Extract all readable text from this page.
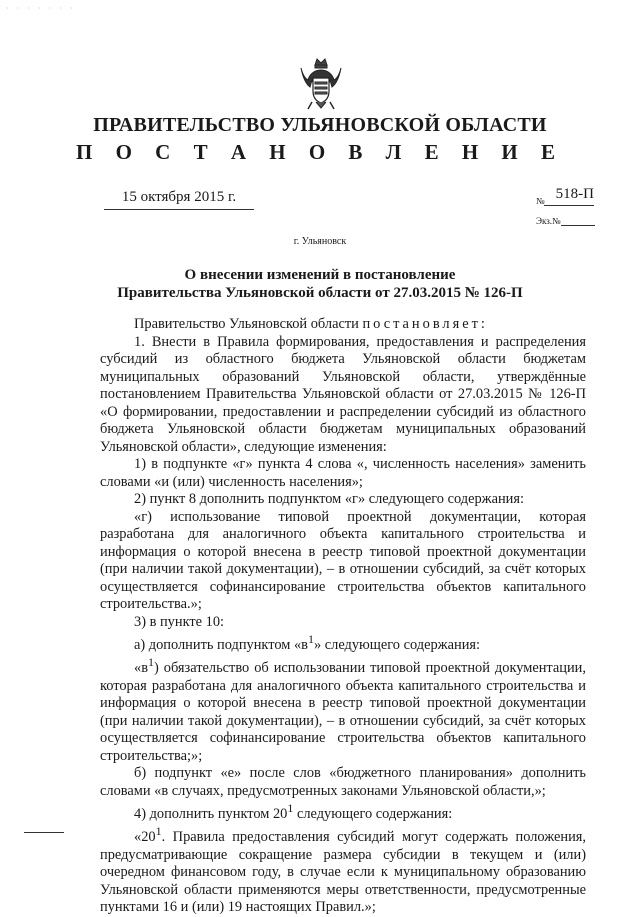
· · · · · · ·
ПРАВИТЕЛЬСТВО УЛЬЯНОВСКОЙ ОБЛАСТИ
П О С Т А Н О В Л Е Н И Е
15 октября 2015 г.	№ 518-П
Экз.№
г. Ульяновск
О внесении изменений в постановление
Правительства Ульяновской области от 27.03.2015 № 126-П

Правительство Ульяновской области постановляет:

1. Внести в Правила формирования, предоставления и распределения субсидий из областного бюджета Ульяновской области бюджетам муниципальных образований Ульяновской области, утверждённые постановлением Правительства Ульяновской области от 27.03.2015 № 126-П «О формировании, предоставлении и распределении субсидий из областного бюджета Ульяновской области бюджетам муниципальных образований Ульяновской области», следующие изменения:

1) в подпункте «г» пункта 4 слова «, численность населения» заменить словами «и (или) численность населения»;

2) пункт 8 дополнить подпунктом «г» следующего содержания:

«г) использование типовой проектной документации, которая разработана для аналогичного объекта капитального строительства и информация о которой внесена в реестр типовой проектной документации (при наличии такой документации), – в отношении субсидий, за счёт которых осуществляется софинансирование строительства объектов капитального строительства.»;

3) в пункте 10:

а) дополнить подпунктом «$в^1$» следующего содержания:

«$в^1$) обязательство об использовании типовой проектной документации, которая разработана для аналогичного объекта капитального строительства и информация о которой внесена в реестр типовой проектной документации (при наличии такой документации), – в отношении субсидий, за счёт которых осуществляется софинансирование строительства объектов капитального строительства;»;

б) подпункт «е» после слов «бюджетного планирования» дополнить словами «в случаях, предусмотренных законами Ульяновской области,»;

4) дополнить пунктом $20^1$ следующего содержания:

«$20^1$. Правила предоставления субсидий могут содержать положения, предусматривающие сокращение размера субсидии в текущем и (или) очередном финансовом году, в случае если к муниципальному образованию Ульяновской области применяются меры ответственности, предусмотренные пунктами 16 и (или) 19 настоящих Правил.»;
